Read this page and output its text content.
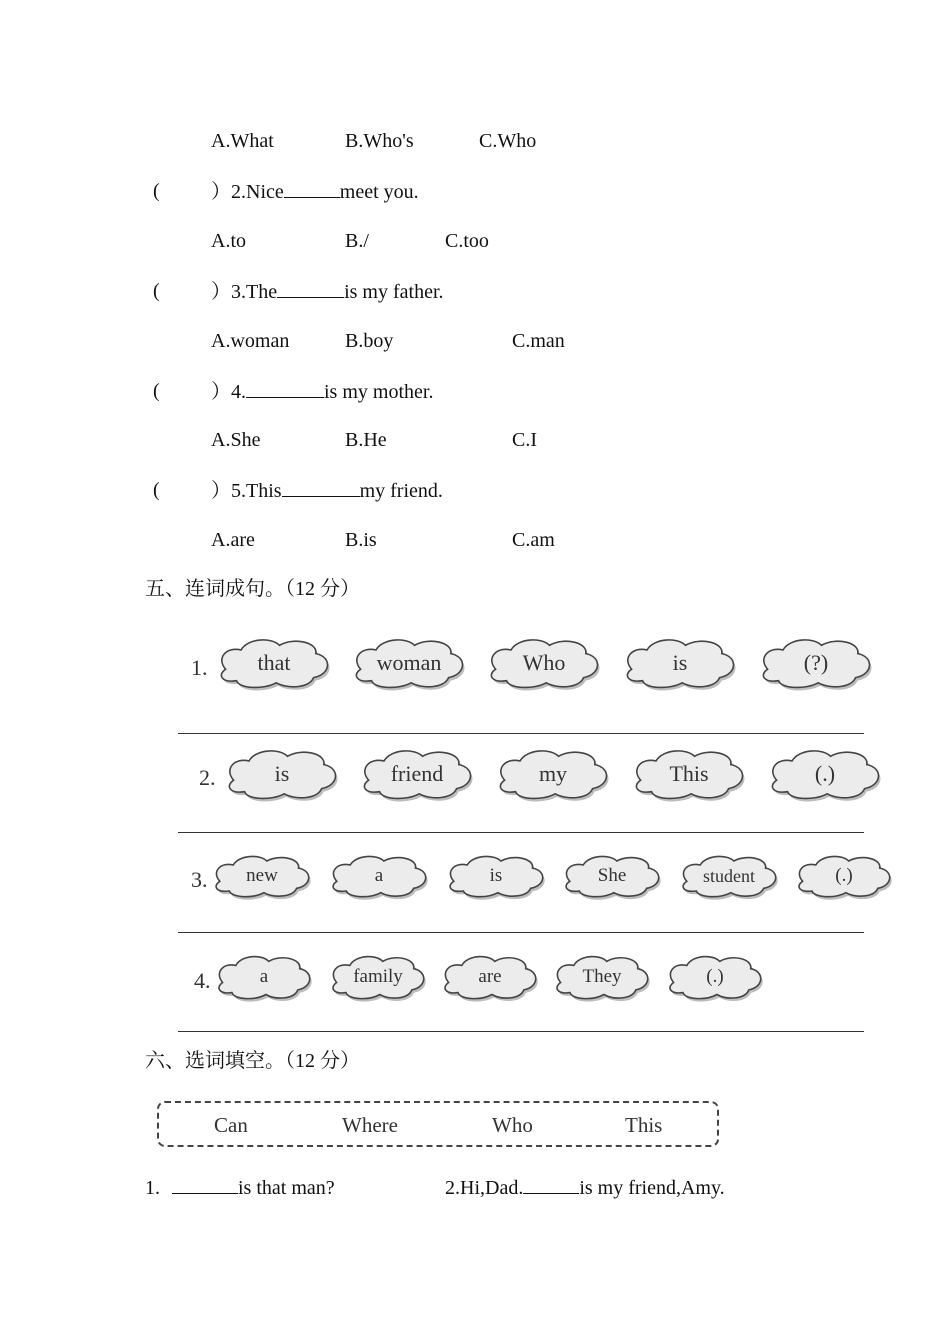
A.What	B.Who's	C.Who
(	）2.Nice	meet you.
A.to	B./	C.too
(	）3.The	is my father.
A.woman	B.boy	C.man
(	）4.	is my mother.
A.She	B.He	C.I
(	）5.This	my friend.
A.are	B.is	C.am
五、连词成句。（12 分）
1.	that	woman	Who	is	(?)
2.	is	friend	my	This	(.)
3.	new	a	is	She	student	(.)
4.	a	family	are	They	(.)
六、选词填空。（12 分）
Can	Where	Who	This
1.	is that man?	2.Hi,Dad.	is my friend,Amy.
